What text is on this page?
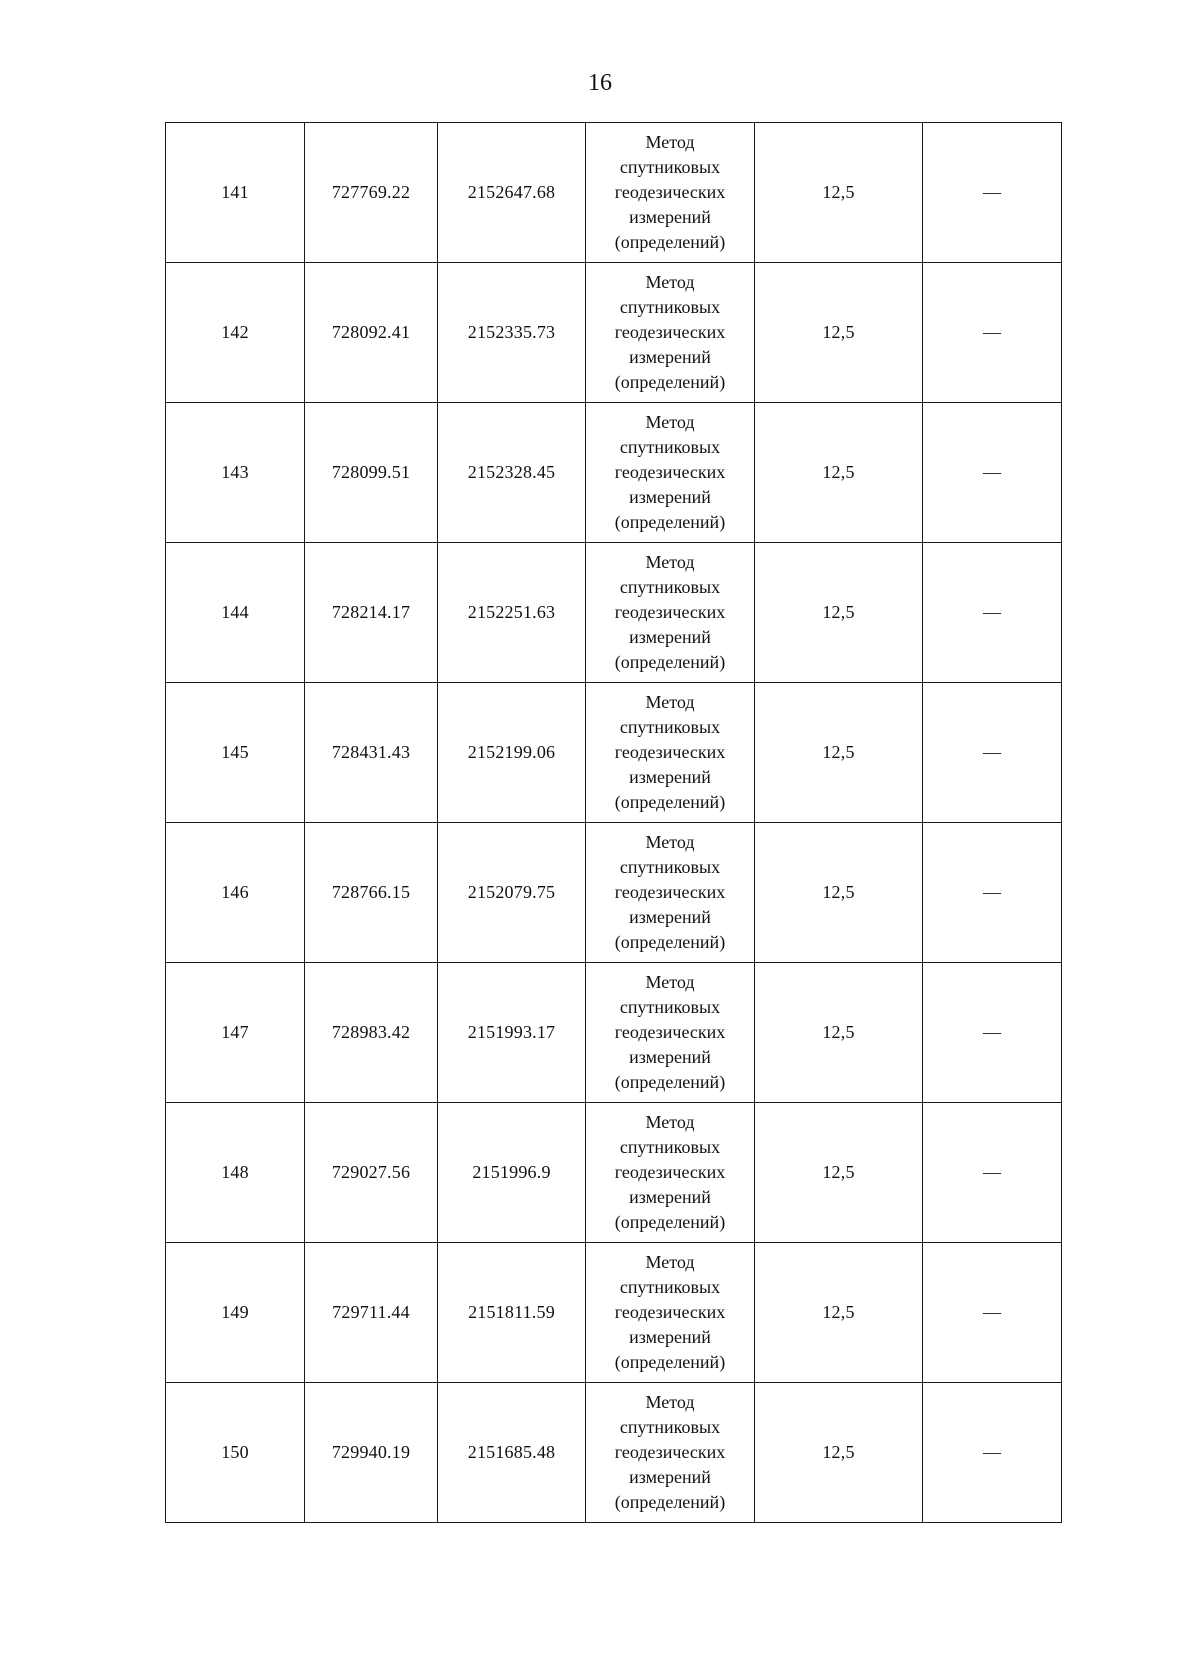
16
141	727769.22	2152647.68	Метод
спутниковых
геодезических
измерений
(определений)	12,5	—
142	728092.41	2152335.73	Метод
спутниковых
геодезических
измерений
(определений)	12,5	—
143	728099.51	2152328.45	Метод
спутниковых
геодезических
измерений
(определений)	12,5	—
144	728214.17	2152251.63	Метод
спутниковых
геодезических
измерений
(определений)	12,5	—
145	728431.43	2152199.06	Метод
спутниковых
геодезических
измерений
(определений)	12,5	—
146	728766.15	2152079.75	Метод
спутниковых
геодезических
измерений
(определений)	12,5	—
147	728983.42	2151993.17	Метод
спутниковых
геодезических
измерений
(определений)	12,5	—
148	729027.56	2151996.9	Метод
спутниковых
геодезических
измерений
(определений)	12,5	—
149	729711.44	2151811.59	Метод
спутниковых
геодезических
измерений
(определений)	12,5	—
150	729940.19	2151685.48	Метод
спутниковых
геодезических
измерений
(определений)	12,5	—
